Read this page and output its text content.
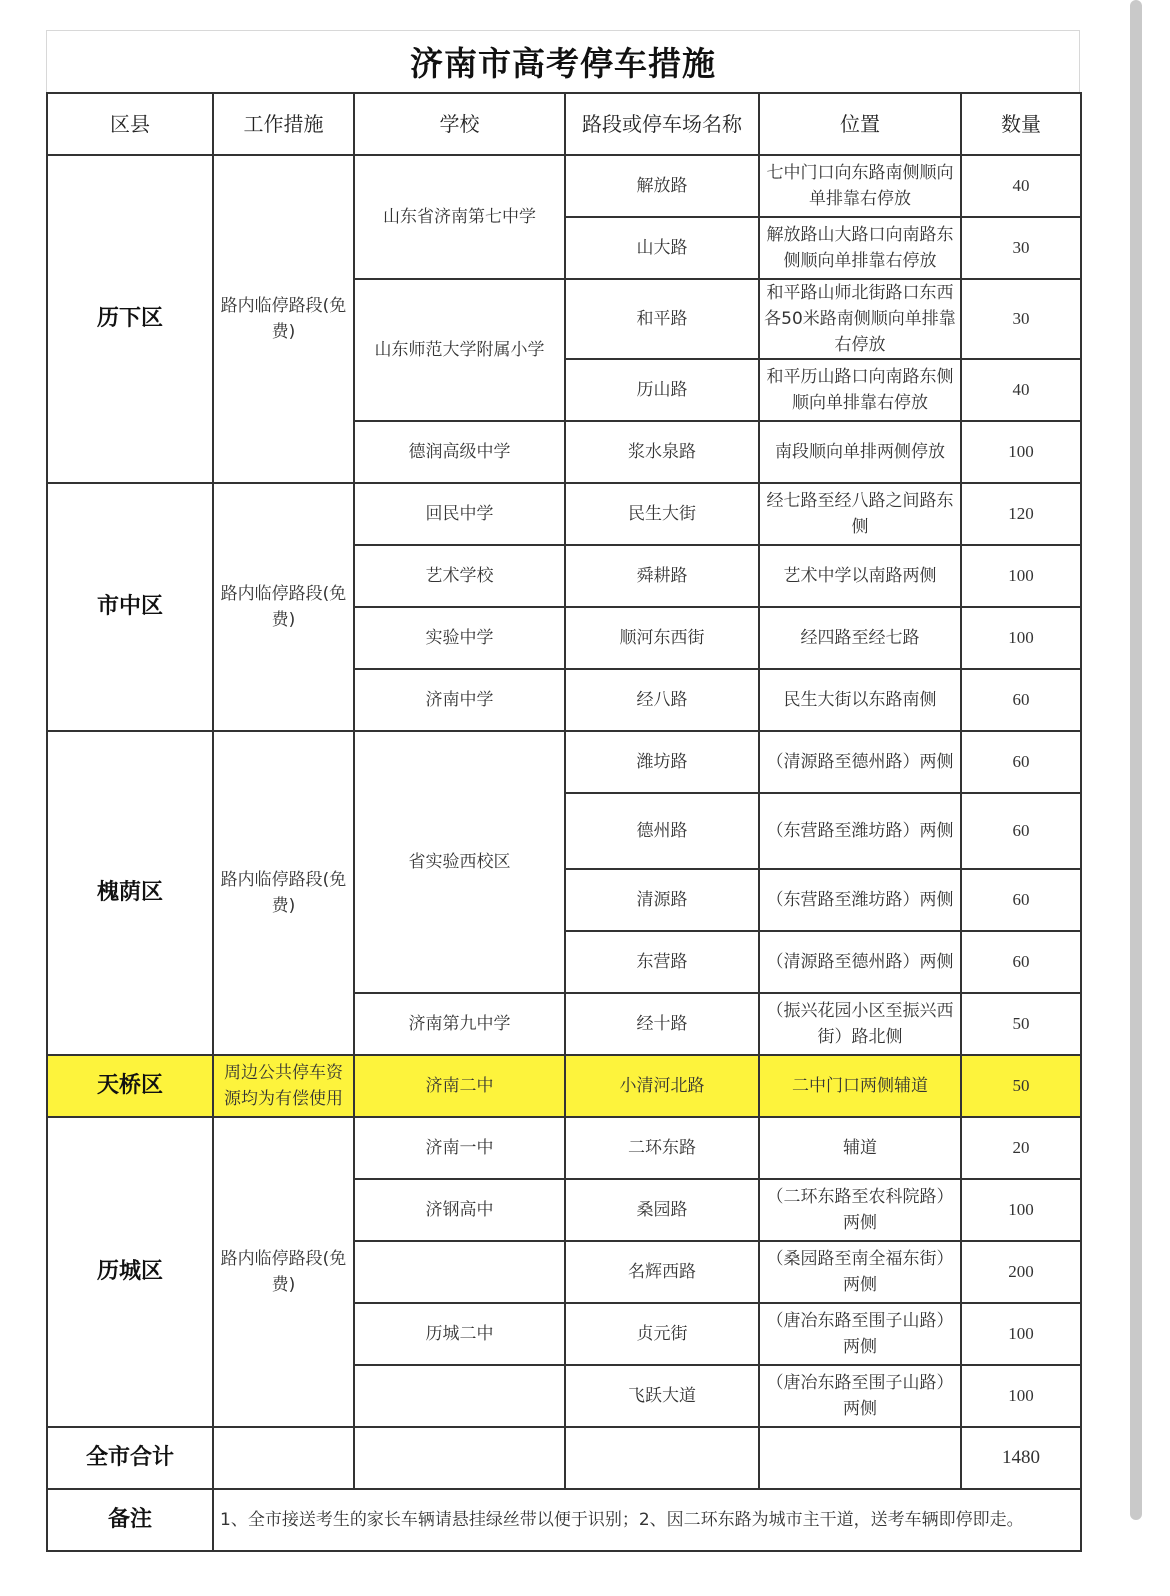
济南市高考停车措施
区县	工作措施	学校	路段或停车场名称	位置	数量
历下区	路内临停路段(免费)	山东省济南第七中学	解放路	七中门口向东路南侧顺向单排靠右停放	40
			山大路	解放路山大路口向南路东侧顺向单排靠右停放	30
		山东师范大学附属小学	和平路	和平路山师北街路口东西各50米路南侧顺向单排靠右停放	30
			历山路	和平历山路口向南路东侧顺向单排靠右停放	40
		德润高级中学	浆水泉路	南段顺向单排两侧停放	100
市中区	路内临停路段(免费)	回民中学	民生大街	经七路至经八路之间路东侧	120
		艺术学校	舜耕路	艺术中学以南路两侧	100
		实验中学	顺河东西街	经四路至经七路	100
		济南中学	经八路	民生大街以东路南侧	60
槐荫区	路内临停路段(免费)	省实验西校区	潍坊路	（清源路至德州路）两侧	60
			德州路	（东营路至潍坊路）两侧	60
			清源路	（东营路至潍坊路）两侧	60
			东营路	（清源路至德州路）两侧	60
		济南第九中学	经十路	（振兴花园小区至振兴西街）路北侧	50
天桥区	周边公共停车资源均为有偿使用	济南二中	小清河北路	二中门口两侧辅道	50
历城区	路内临停路段(免费)	济南一中	二环东路	辅道	20
		济钢高中	桑园路	（二环东路至农科院路）两侧	100
			名辉西路	（桑园路至南全福东街）两侧	200
		历城二中	贞元街	（唐冶东路至围子山路）两侧	100
			飞跃大道	（唐冶东路至围子山路）两侧	100
全市合计					1480
备注	1、全市接送考生的家长车辆请悬挂绿丝带以便于识别；2、因二环东路为城市主干道，送考车辆即停即走。				
